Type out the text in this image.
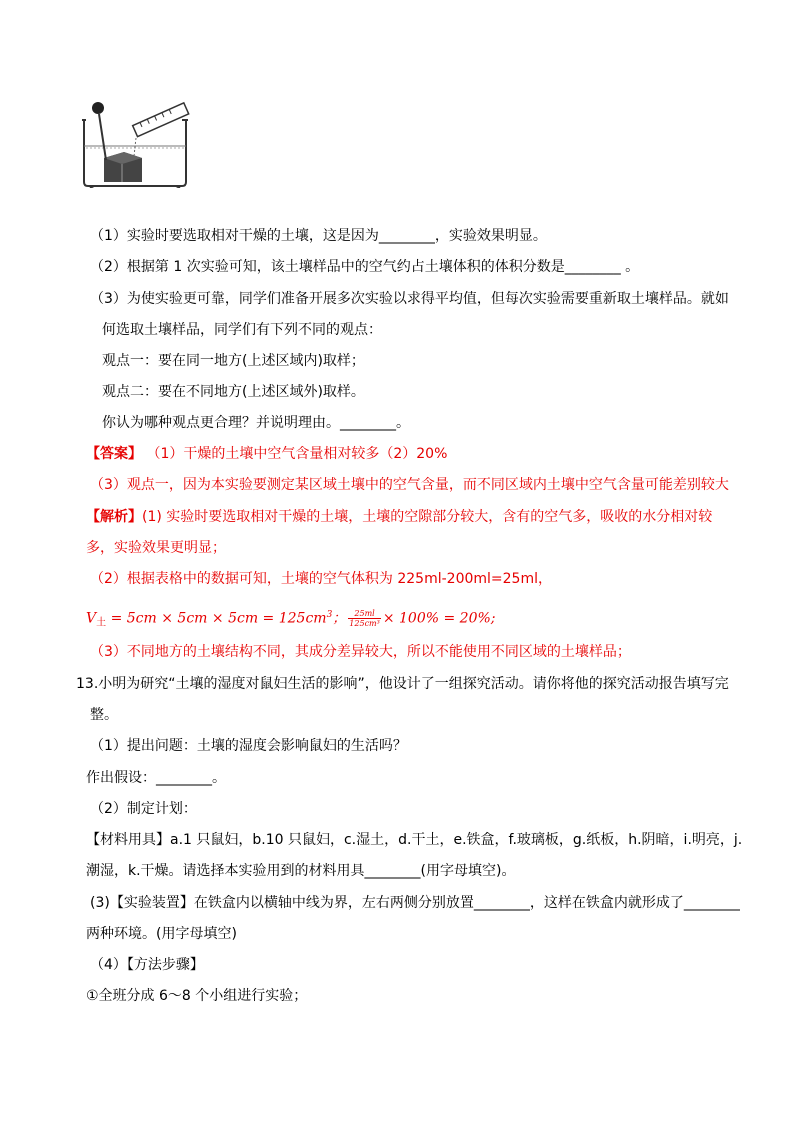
（1）实验时要选取相对干燥的土壤，这是因为________，实验效果明显。
（2）根据第 1 次实验可知，该土壤样品中的空气约占土壤体积的体积分数是________ 。
（3）为使实验更可靠，同学们准备开展多次实验以求得平均值，但每次实验需要重新取土壤样品。就如
何选取土壤样品，同学们有下列不同的观点：
观点一：要在同一地方(上述区域内)取样；
观点二：要在不同地方(上述区域外)取样。
你认为哪种观点更合理？并说明理由。________。
【答案】 （1）干燥的土壤中空气含量相对较多（2）20%
（3）观点一，因为本实验要测定某区域土壤中的空气含量，而不同区域内土壤中空气含量可能差别较大
【解析】(1) 实验时要选取相对干燥的土壤，土壤的空隙部分较大，含有的空气多，吸收的水分相对较
多，实验效果更明显；
（2）根据表格中的数据可知，土壤的空气体积为 225ml-200ml=25ml，
$V_土 = 5cm \times 5cm \times 5cm = 125cm^3$； $\frac{25ml}{\text{125cm³}} \times 100\% = 20\%$;
（3）不同地方的土壤结构不同，其成分差异较大，所以不能使用不同区域的土壤样品；
13.小明为研究“土壤的湿度对鼠妇生活的影响”，他设计了一组探究活动。请你将他的探究活动报告填写完
整。
（1）提出问题：土壤的湿度会影响鼠妇的生活吗？
作出假设：________。
（2）制定计划：
【材料用具】a.1 只鼠妇，b.10 只鼠妇，c.湿土，d.干土，e.铁盒，f.玻璃板，g.纸板，h.阴暗，i.明亮，j.
潮湿，k.干燥。请选择本实验用到的材料用具________(用字母填空)。
(3)【实验装置】在铁盒内以横轴中线为界，左右两侧分别放置________，这样在铁盒内就形成了________
两种环境。(用字母填空)
（4）【方法步骤】
①全班分成 6～8 个小组进行实验；
